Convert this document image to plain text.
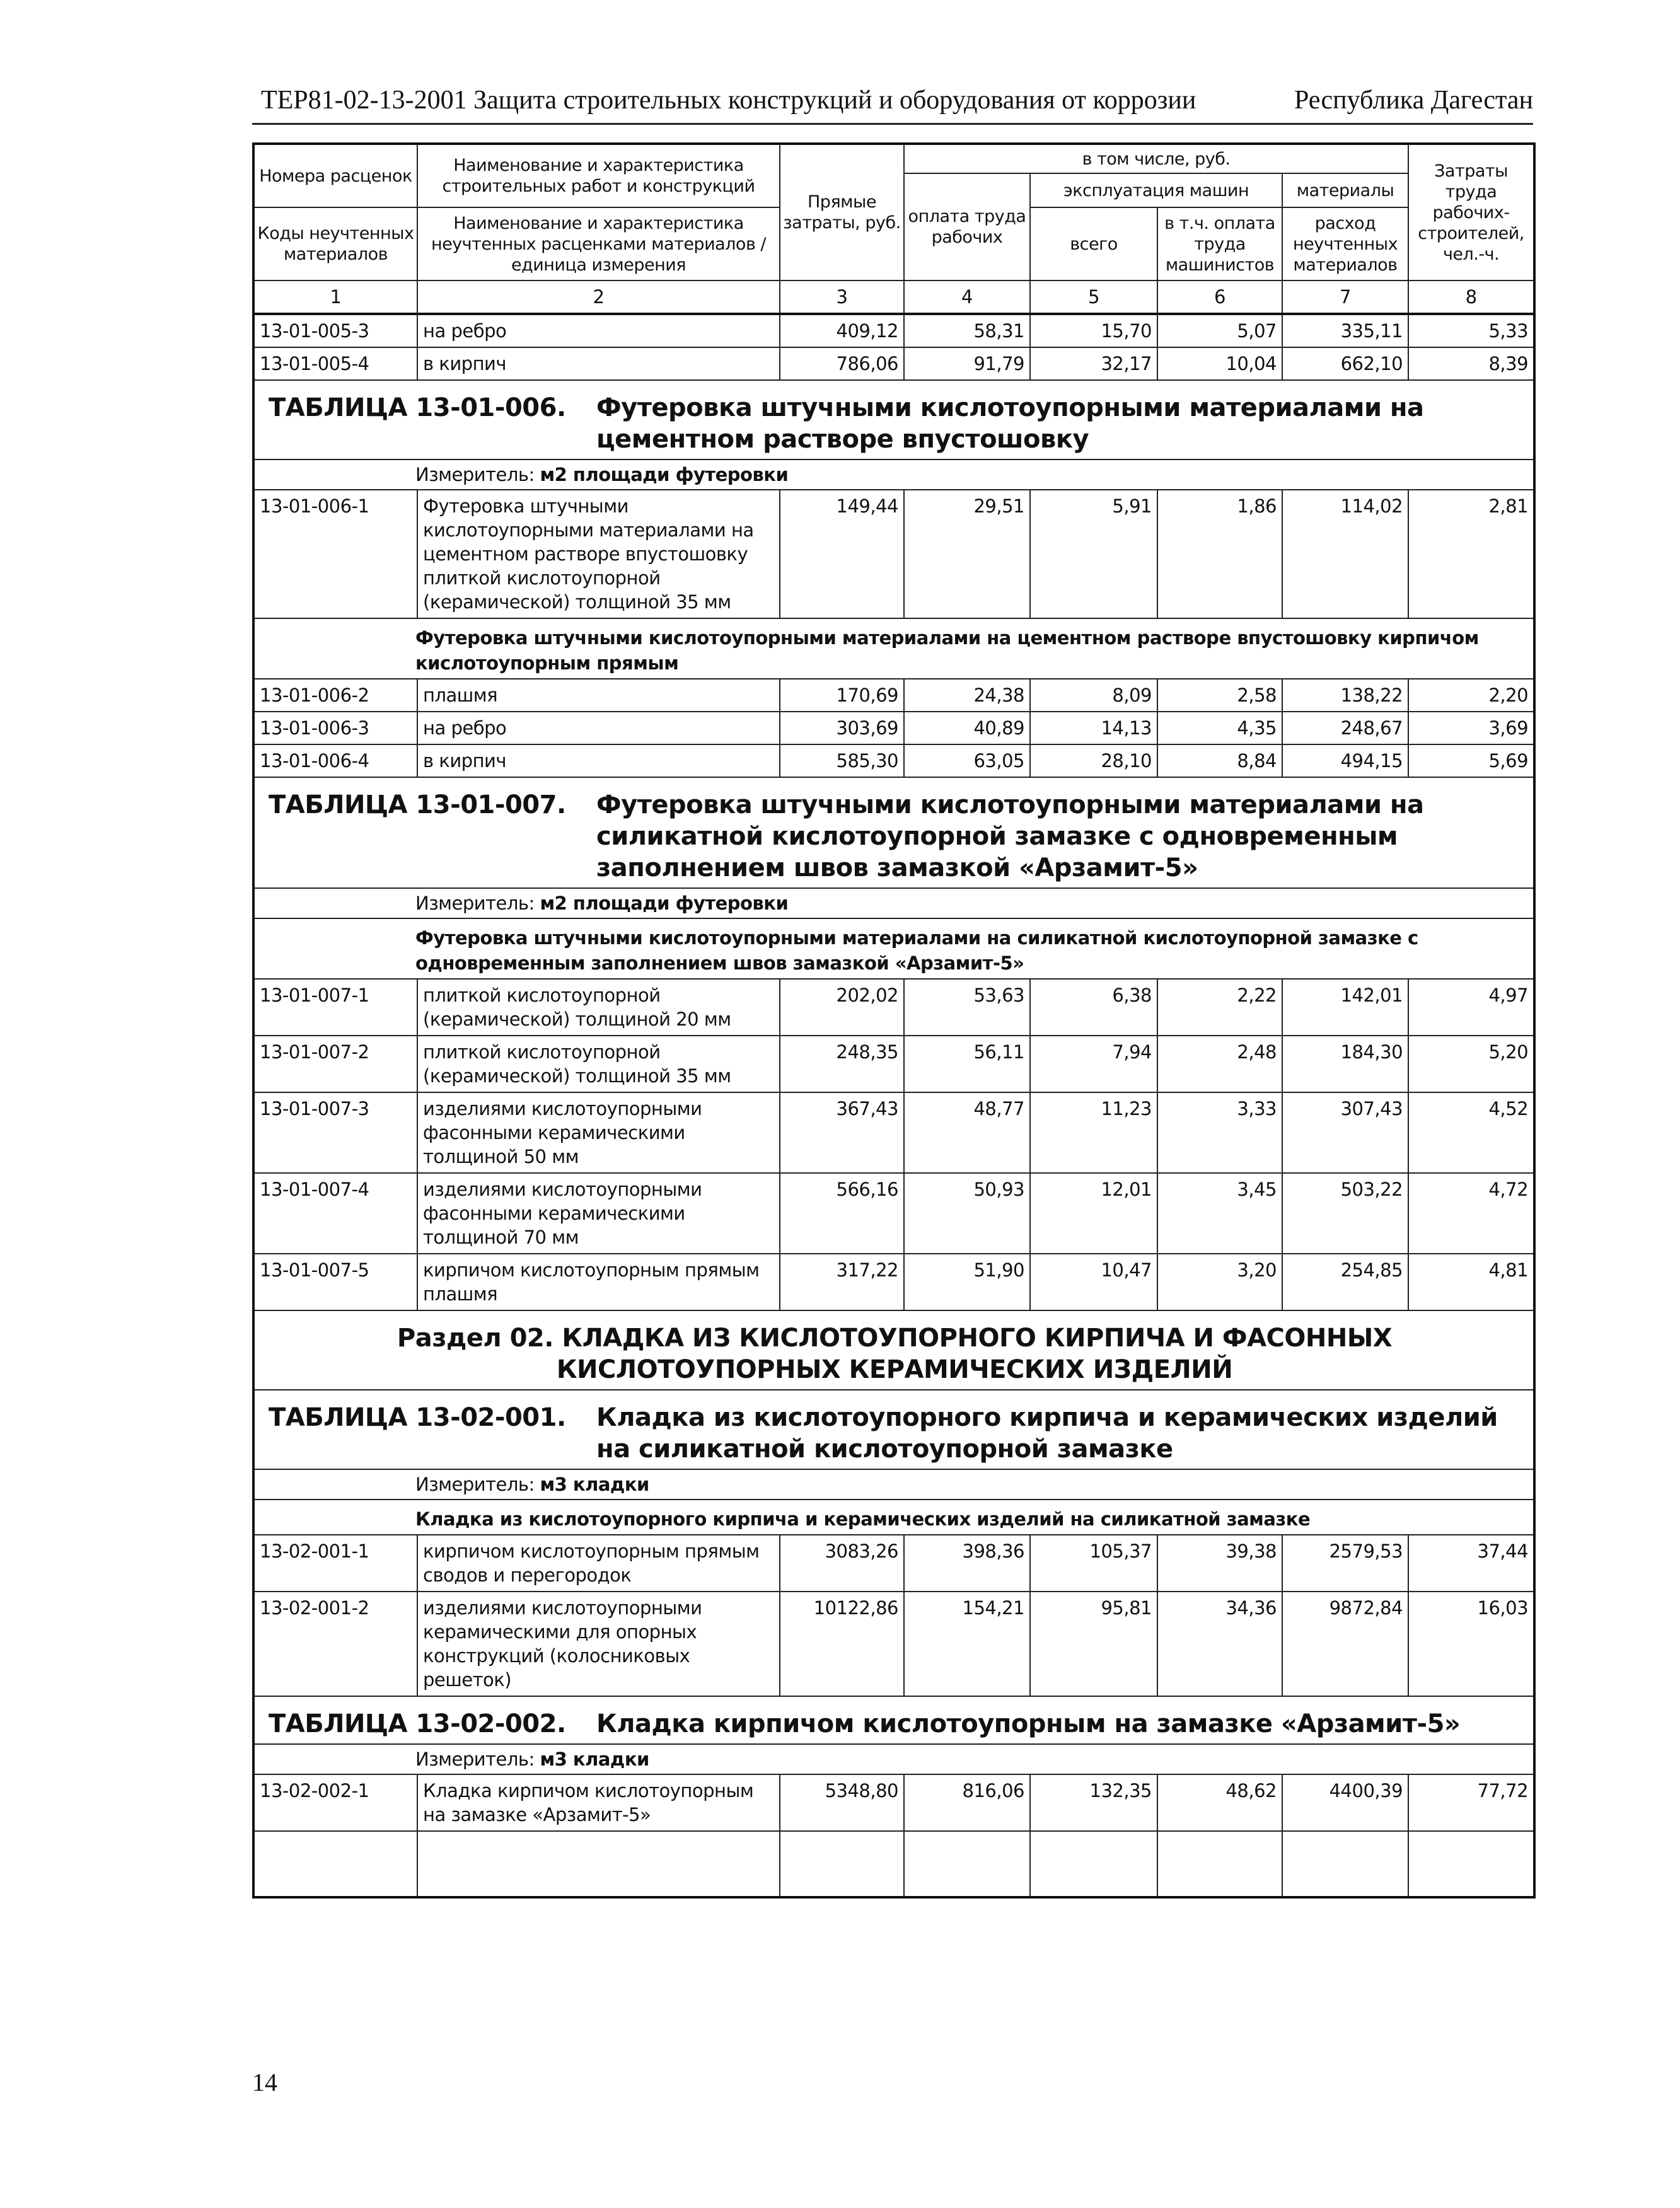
ТЕР81-02-13-2001 Защита строительных конструкций и оборудования от коррозии	Республика Дагестан
Номера расценок	Наименование и характеристика строительных работ и конструкций	Прямые затраты, руб.	в том числе, руб.				Затраты труда рабочих-строителей, чел.-ч.
			оплата труда рабочих	эксплуатация машин		материалы	
Коды неучтенных материалов	Наименование и характеристика неучтенных расценками материалов / единица измерения			всего	в т.ч. оплата труда машинистов	расход неучтенных материалов	

1	2	3	4	5	6	7	8
13-01-005-3	на ребро	409,12	58,31	15,70	5,07	335,11	5,33
13-01-005-4	в кирпич	786,06	91,79	32,17	10,04	662,10	8,39

ТАБЛИЦА 13-01-006. Футеровка штучными кислотоупорными материалами на цементном растворе впустошовку							

Измеритель: м2 площади футеровки							
13-01-006-1	Футеровка штучными кислотоупорными материалами на цементном растворе впустошовку плиткой кислотоупорной (керамической) толщиной 35 мм	149,44	29,51	5,91	1,86	114,02	2,81
Футеровка штучными кислотоупорными материалами на цементном растворе впустошовку кирпичом кислотоупорным прямым							
13-01-006-2	плашмя	170,69	24,38	8,09	2,58	138,22	2,20
13-01-006-3	на ребро	303,69	40,89	14,13	4,35	248,67	3,69
13-01-006-4	в кирпич	585,30	63,05	28,10	8,84	494,15	5,69

ТАБЛИЦА 13-01-007. Футеровка штучными кислотоупорными материалами на силикатной кислотоупорной замазке с одновременным заполнением швов замазкой «Арзамит-5»							

Измеритель: м2 площади футеровки							
Футеровка штучными кислотоупорными материалами на силикатной кислотоупорной замазке с одновременным заполнением швов замазкой «Арзамит-5»							
13-01-007-1	плиткой кислотоупорной (керамической) толщиной 20 мм	202,02	53,63	6,38	2,22	142,01	4,97
13-01-007-2	плиткой кислотоупорной (керамической) толщиной 35 мм	248,35	56,11	7,94	2,48	184,30	5,20
13-01-007-3	изделиями кислотоупорными фасонными керамическими толщиной 50 мм	367,43	48,77	11,23	3,33	307,43	4,52
13-01-007-4	изделиями кислотоупорными фасонными керамическими толщиной 70 мм	566,16	50,93	12,01	3,45	503,22	4,72
13-01-007-5	кирпичом кислотоупорным прямым плашмя	317,22	51,90	10,47	3,20	254,85	4,81
Раздел 02. КЛАДКА ИЗ КИСЛОТОУПОРНОГО КИРПИЧА И ФАСОННЫХ КИСЛОТОУПОРНЫХ КЕРАМИЧЕСКИХ ИЗДЕЛИЙ							

ТАБЛИЦА 13-02-001. Кладка из кислотоупорного кирпича и керамических изделий на силикатной кислотоупорной замазке							

Измеритель: м3 кладки							
Кладка из кислотоупорного кирпича и керамических изделий на силикатной замазке							
13-02-001-1	кирпичом кислотоупорным прямым сводов и перегородок	3083,26	398,36	105,37	39,38	2579,53	37,44
13-02-001-2	изделиями кислотоупорными керамическими для опорных конструкций (колосниковых решеток)	10122,86	154,21	95,81	34,36	9872,84	16,03

ТАБЛИЦА 13-02-002. Кладка кирпичом кислотоупорным на замазке «Арзамит-5»							

Измеритель: м3 кладки							
13-02-002-1	Кладка кирпичом кислотоупорным на замазке «Арзамит-5»	5348,80	816,06	132,35	48,62	4400,39	77,72

14
